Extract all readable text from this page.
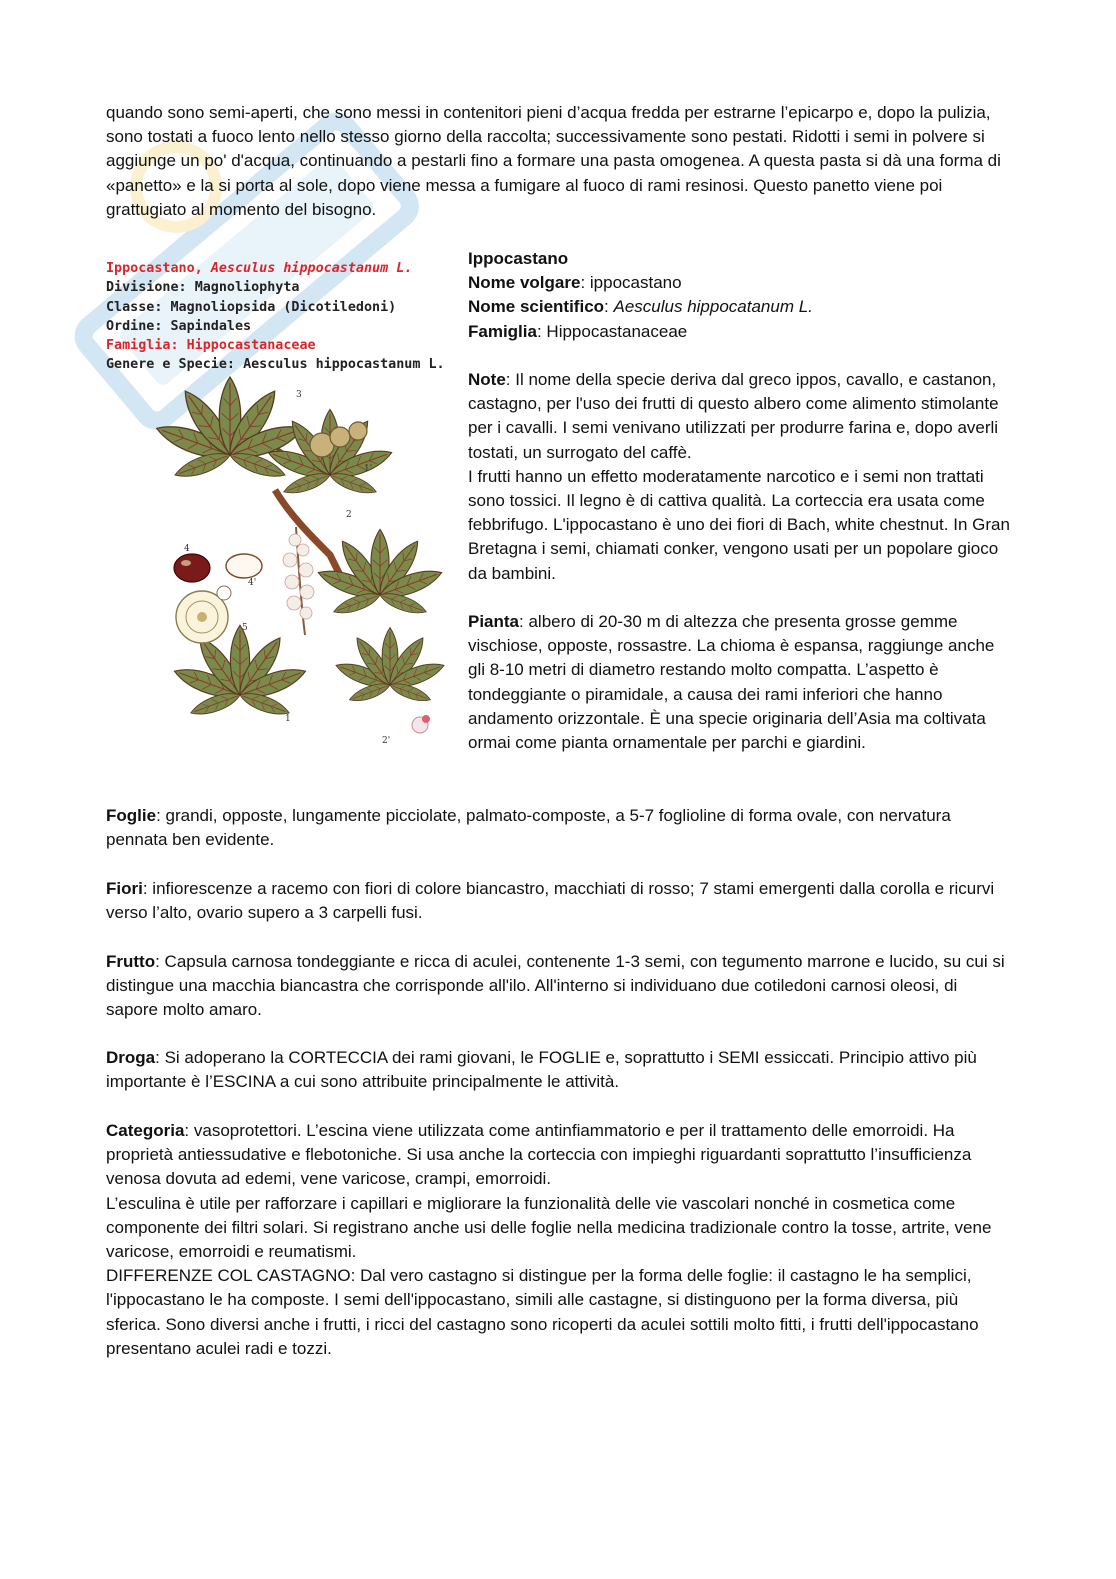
quando sono semi-aperti, che sono messi in contenitori pieni d’acqua fredda per estrarne l’epicarpo e, dopo la pulizia, sono tostati a fuoco lento nello stesso giorno della raccolta; successivamente sono pestati. Ridotti i semi in polvere si aggiunge un po' d'acqua, continuando a pestarli fino a formare una pasta omogenea. A questa pasta si dà una forma di «panetto» e la si porta al sole, dopo viene messa a fumigare al fuoco di rami resinosi. Questo panetto viene poi grattugiato al momento del bisogno.

3
1'
2
4
4'
5
1
2'
Ippocastano, Aesculus hippocastanum L.
Divisione: Magnoliophyta
Classe: Magnoliopsida (Dicotiledoni)
Ordine: Sapindales
Famiglia: Hippocastanaceae
Genere e Specie: Aesculus hippocastanum L.

Ippocastano

Nome volgare: ippocastano

Nome scientifico: Aesculus hippocatanum L.

Famiglia: Hippocastanaceae

Note: Il nome della specie deriva dal greco ippos, cavallo, e castanon, castagno, per l'uso dei frutti di questo albero come alimento stimolante per i cavalli. I semi venivano utilizzati per produrre farina e, dopo averli tostati, un surrogato del caffè.

I frutti hanno un effetto moderatamente narcotico e i semi non trattati sono tossici. Il legno è di cattiva qualità. La corteccia era usata come febbrifugo. L'ippocastano è uno dei fiori di Bach, white chestnut. In Gran Bretagna i semi, chiamati conker, vengono usati per un popolare gioco da bambini.

Pianta: albero di 20-30 m di altezza che presenta grosse gemme vischiose, opposte, rossastre. La chioma è espansa, raggiunge anche gli 8-10 metri di diametro restando molto compatta. L’aspetto è tondeggiante o piramidale, a causa dei rami inferiori che hanno andamento orizzontale. È una specie originaria dell’Asia ma coltivata ormai come pianta ornamentale per parchi e giardini.

Foglie: grandi, opposte, lungamente picciolate, palmato-composte, a 5-7 foglioline di forma ovale, con nervatura pennata ben evidente.

Fiori: infiorescenze a racemo con fiori di colore biancastro, macchiati di rosso; 7 stami emergenti dalla corolla e ricurvi verso l’alto, ovario supero a 3 carpelli fusi.

Frutto: Capsula carnosa tondeggiante e ricca di aculei, contenente 1-3 semi, con tegumento marrone e lucido, su cui si distingue una macchia biancastra che corrisponde all'ilo. All'interno si individuano due cotiledoni carnosi oleosi, di sapore molto amaro.

Droga: Si adoperano la CORTECCIA dei rami giovani, le FOGLIE e, soprattutto i SEMI essiccati. Principio attivo più importante è l’ESCINA a cui sono attribuite principalmente le attività.

Categoria: vasoprotettori. L’escina viene utilizzata come antinfiammatorio e per il trattamento delle emorroidi. Ha proprietà antiessudative e flebotoniche. Si usa anche la corteccia con impieghi riguardanti soprattutto l’insufficienza venosa dovuta ad edemi, vene varicose, crampi, emorroidi.

L’esculina è utile per rafforzare i capillari e migliorare la funzionalità delle vie vascolari nonché in cosmetica come componente dei filtri solari. Si registrano anche usi delle foglie nella medicina tradizionale contro la tosse, artrite, vene varicose, emorroidi e reumatismi.

DIFFERENZE COL CASTAGNO: Dal vero castagno si distingue per la forma delle foglie: il castagno le ha semplici, l'ippocastano le ha composte. I semi dell'ippocastano, simili alle castagne, si distinguono per la forma diversa, più sferica. Sono diversi anche i frutti, i ricci del castagno sono ricoperti da aculei sottili molto fitti, i frutti dell'ippocastano presentano aculei radi e tozzi.
